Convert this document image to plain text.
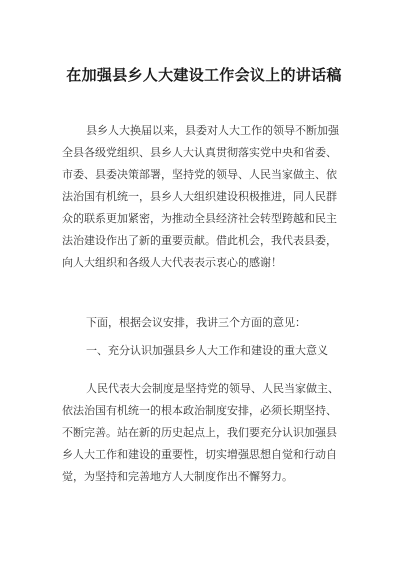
在加强县乡人大建设工作会议上的讲话稿
县乡人大换届以来，县委对人大工作的领导不断加强
全县各级党组织、县乡人大认真贯彻落实党中央和省委、
市委、县委决策部署，坚持党的领导、人民当家做主、依
法治国有机统一，县乡人大组织建设积极推进，同人民群
众的联系更加紧密，为推动全县经济社会转型跨越和民主
法治建设作出了新的重要贡献。借此机会，我代表县委，
向人大组织和各级人大代表表示衷心的感谢！
下面，根据会议安排，我讲三个方面的意见：
一、充分认识加强县乡人大工作和建设的重大意义
人民代表大会制度是坚持党的领导、人民当家做主、
依法治国有机统一的根本政治制度安排，必须长期坚持、
不断完善。站在新的历史起点上，我们要充分认识加强县
乡人大工作和建设的重要性，切实增强思想自觉和行动自
觉，为坚持和完善地方人大制度作出不懈努力。
